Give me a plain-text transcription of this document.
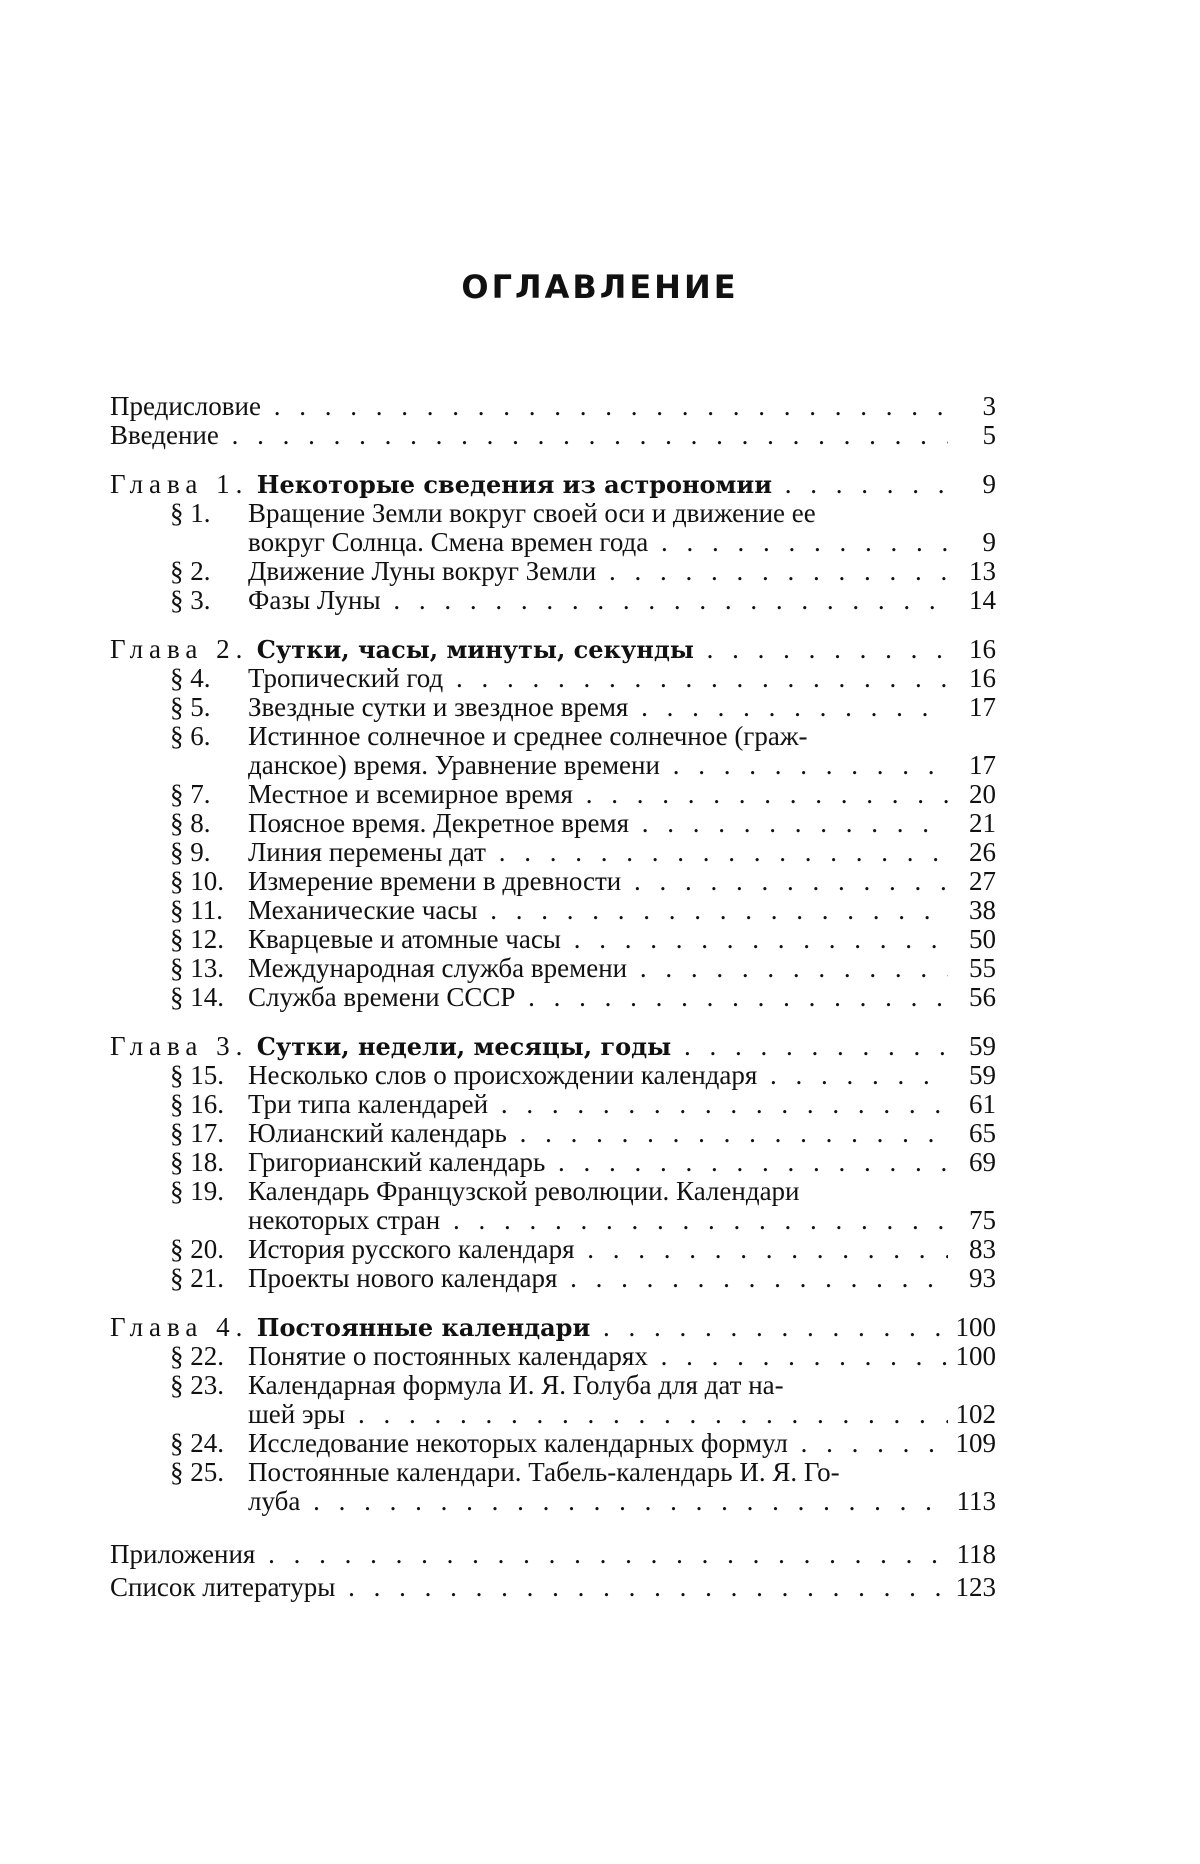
ОГЛАВЛЕНИЕ
Предисловие . . .	3
Введение . . .	5
Глава 1. Некоторые сведения из астрономии . . .	9
§ 1.	Вращение Земли вокруг своей оси и движение ее
вокруг Солнца. Смена времен года . . .	9
§ 2.	Движение Луны вокруг Земли . . .	13
§ 3.	Фазы Луны . . .	14
Глава 2. Сутки, часы, минуты, секунды . . .	16
§ 4.	Тропический год . . .	16
§ 5.	Звездные сутки и звездное время . . .	17
§ 6.	Истинное солнечное и среднее солнечное (граж-
данское) время. Уравнение времени . . .	17
§ 7.	Местное и всемирное время . . .	20
§ 8.	Поясное время. Декретное время . . .	21
§ 9.	Линия перемены дат . . .	26
§ 10. Измерение времени в древности . . .	27
§ 11. Механические часы . . .	38
§ 12. Кварцевые и атомные часы . . .	50
§ 13. Международная служба времени . . .	55
§ 14. Служба времени СССР . . .	56
Глава 3. Сутки, недели, месяцы, годы . . .	59
§ 15. Несколько слов о происхождении календаря . . .	59
§ 16. Три типа календарей . . .	61
§ 17. Юлианский календарь . . .	65
§ 18. Григорианский календарь . . .	69
§ 19. Календарь Французской революции. Календари
некоторых стран . . .	75
§ 20. История русского календаря . . .	83
§ 21. Проекты нового календаря . . .	93
Глава 4. Постоянные календари . . .	100
§ 22. Понятие о постоянных календарях . . .	100
§ 23. Календарная формула И. Я. Голуба для дат на-
шей эры . . .	102
§ 24. Исследование некоторых календарных формул . . .	109
§ 25. Постоянные календари. Табель-календарь И. Я. Го-
луба . . .	113
Приложения . . .	118
Список литературы . . .	123
